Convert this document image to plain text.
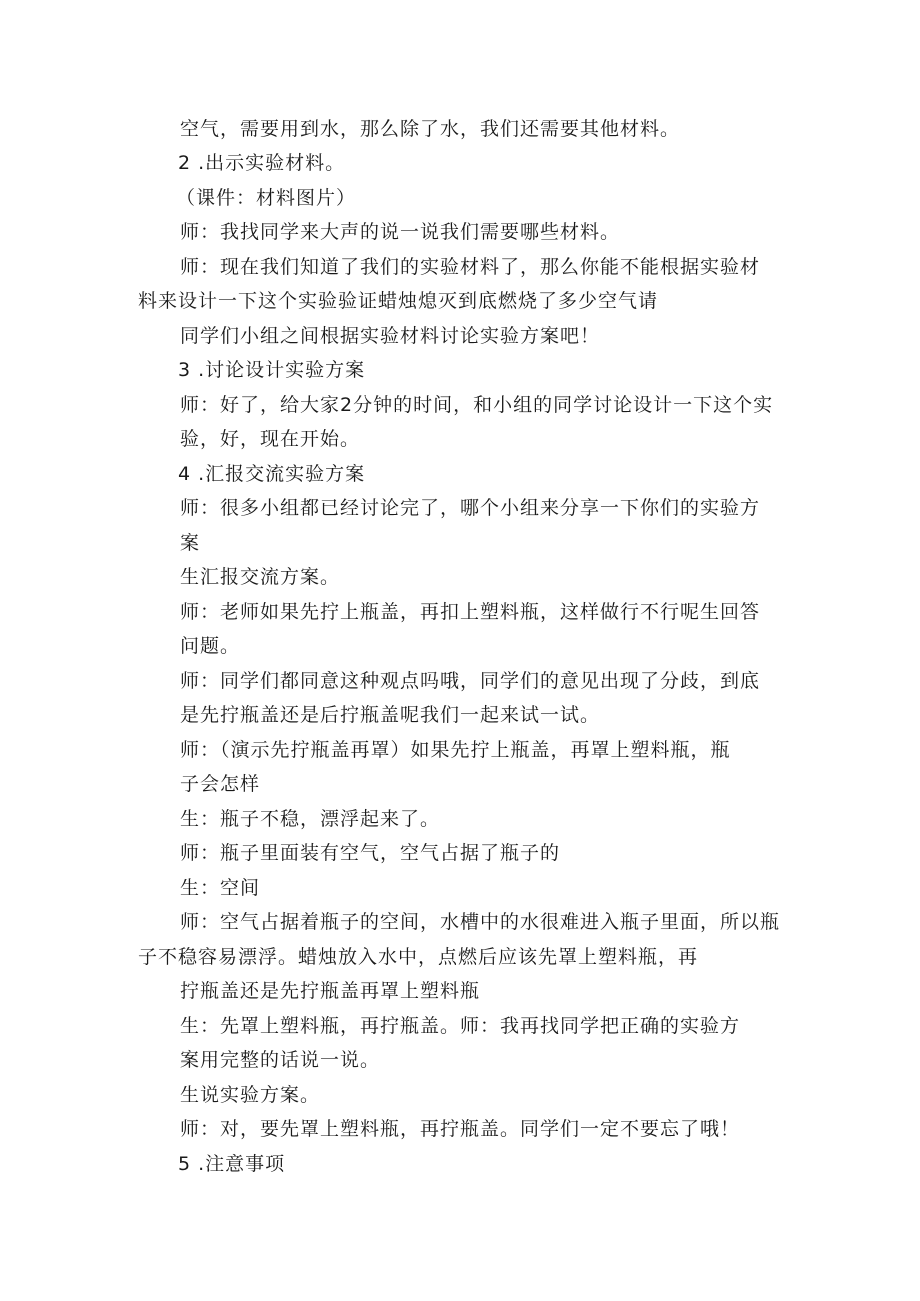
空气，需要用到水，那么除了水，我们还需要其他材料。
2 .出示实验材料。
（课件：材料图片）
师：我找同学来大声的说一说我们需要哪些材料。
师：现在我们知道了我们的实验材料了，那么你能不能根据实验材
料来设计一下这个实验验证蜡烛熄灭到底燃烧了多少空气请
同学们小组之间根据实验材料讨论实验方案吧！
3 .讨论设计实验方案
师：好了，给大家2分钟的时间，和小组的同学讨论设计一下这个实
验，好，现在开始。
4 .汇报交流实验方案
师：很多小组都已经讨论完了，哪个小组来分享一下你们的实验方
案
生汇报交流方案。
师：老师如果先拧上瓶盖，再扣上塑料瓶，这样做行不行呢生回答
问题。
师：同学们都同意这种观点吗哦，同学们的意见出现了分歧，到底
是先拧瓶盖还是后拧瓶盖呢我们一起来试一试。
师：（演示先拧瓶盖再罩）如果先拧上瓶盖，再罩上塑料瓶，瓶
子会怎样
生：瓶子不稳，漂浮起来了。
师：瓶子里面装有空气，空气占据了瓶子的
生：空间
师：空气占据着瓶子的空间，水槽中的水很难进入瓶子里面，所以瓶
子不稳容易漂浮。蜡烛放入水中，点燃后应该先罩上塑料瓶，再
拧瓶盖还是先拧瓶盖再罩上塑料瓶
生：先罩上塑料瓶，再拧瓶盖。师：我再找同学把正确的实验方
案用完整的话说一说。
生说实验方案。
师：对，要先罩上塑料瓶，再拧瓶盖。同学们一定不要忘了哦！
5 .注意事项
